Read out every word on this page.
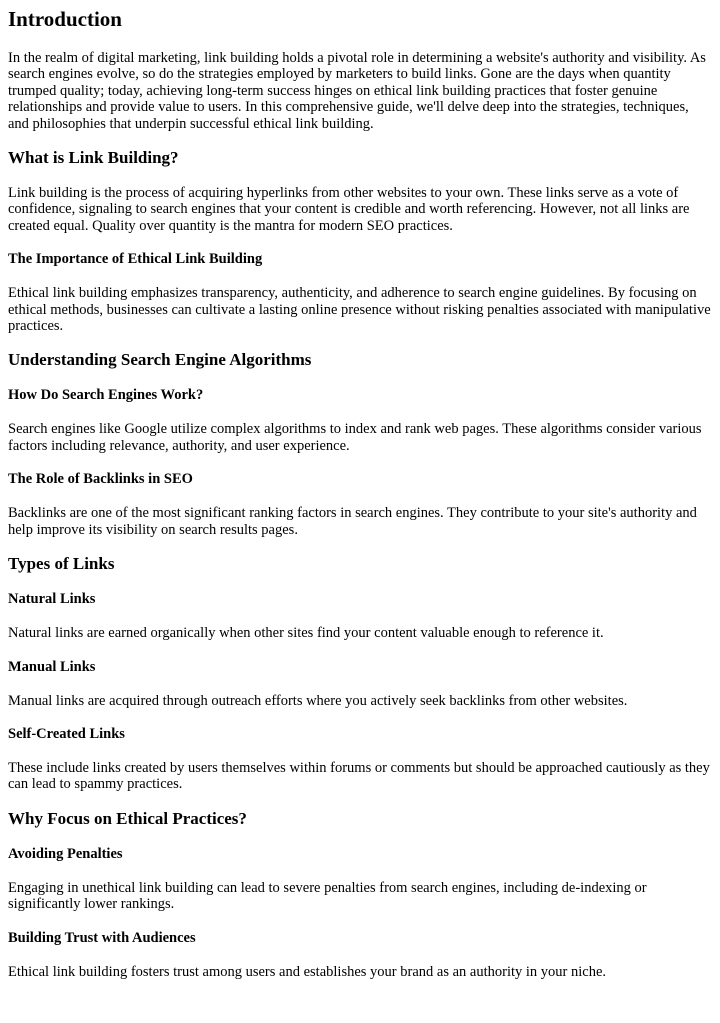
Introduction

In the realm of digital marketing, link building holds a pivotal role in determining a website's authority and visibility. As search engines evolve, so do the strategies employed by marketers to build links. Gone are the days when quantity trumped quality; today, achieving long-term success hinges on ethical link building practices that foster genuine relationships and provide value to users. In this comprehensive guide, we'll delve deep into the strategies, techniques, and philosophies that underpin successful ethical link building.

What is Link Building?

Link building is the process of acquiring hyperlinks from other websites to your own. These links serve as a vote of confidence, signaling to search engines that your content is credible and worth referencing. However, not all links are created equal. Quality over quantity is the mantra for modern SEO practices.

The Importance of Ethical Link Building

Ethical link building emphasizes transparency, authenticity, and adherence to search engine guidelines. By focusing on ethical methods, businesses can cultivate a lasting online presence without risking penalties associated with manipulative practices.

Understanding Search Engine Algorithms
How Do Search Engines Work?

Search engines like Google utilize complex algorithms to index and rank web pages. These algorithms consider various factors including relevance, authority, and user experience.

The Role of Backlinks in SEO

Backlinks are one of the most significant ranking factors in search engines. They contribute to your site's authority and help improve its visibility on search results pages.

Types of Links
Natural Links

Natural links are earned organically when other sites find your content valuable enough to reference it.

Manual Links

Manual links are acquired through outreach efforts where you actively seek backlinks from other websites.

Self-Created Links

These include links created by users themselves within forums or comments but should be approached cautiously as they can lead to spammy practices.

Why Focus on Ethical Practices?
Avoiding Penalties

Engaging in unethical link building can lead to severe penalties from search engines, including de-indexing or significantly lower rankings.

Building Trust with Audiences

Ethical link building fosters trust among users and establishes your brand as an authority in your niche.
